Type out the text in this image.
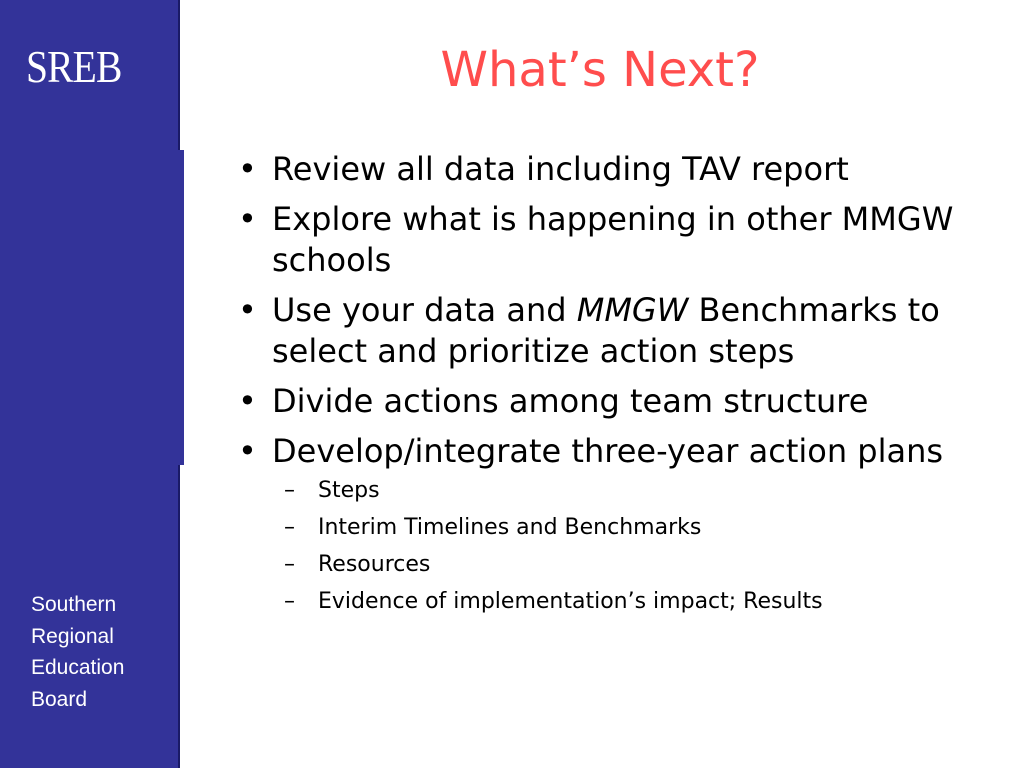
SREB
Southern
Regional
Education
Board
What’s Next?
• Review all data including TAV report
• Explore what is happening in other MMGW schools
• Use your data and MMGW Benchmarks to select and prioritize action steps
• Divide actions among team structure
• Develop/integrate three-year action plans
– Steps
– Interim Timelines and Benchmarks
– Resources
– Evidence of implementation’s impact; Results
